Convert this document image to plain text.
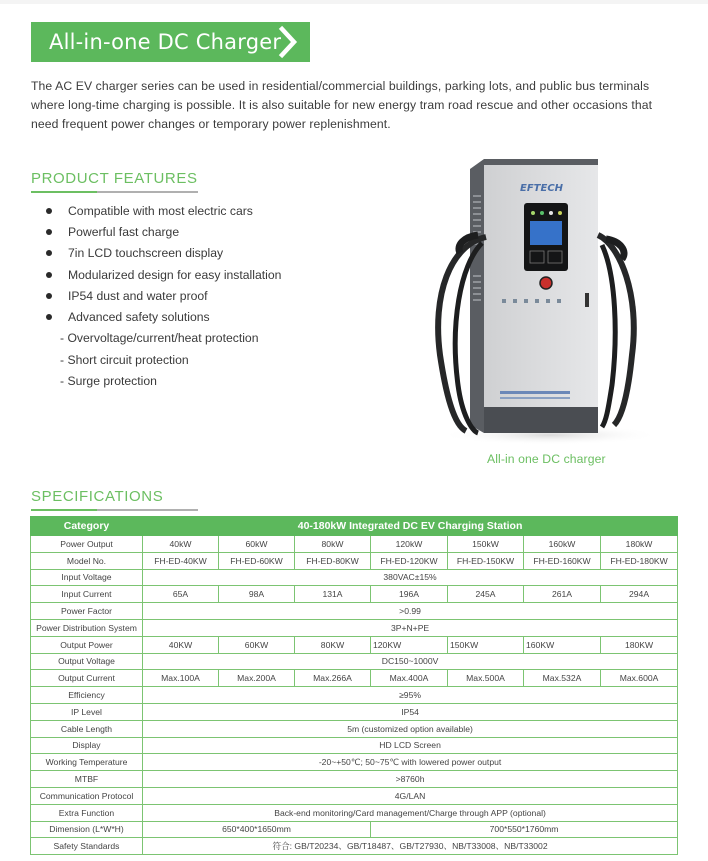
All-in-one DC Charger

The AC EV charger series can be used in residential/commercial buildings, parking lots, and public bus terminals where long-time charging is possible. It is also suitable for new energy tram road rescue and other occasions that need frequent power changes or temporary power replenishment.

PRODUCT FEATURES
Compatible with most electric cars
Powerful fast charge
7in LCD touchscreen display
Modularized design for easy installation
IP54 dust and water proof
Advanced safety solutions
- Overvoltage/current/heat protection
- Short circuit protection
- Surge protection
EFTECH
All-in one DC charger
SPECIFICATIONS
Category	40-180kW Integrated DC EV Charging Station						
Power Output	40kW	60kW	80kW	120kW	150kW	160kW	180kW
Model No.	FH-ED-40KW	FH-ED-60KW	FH-ED-80KW	FH-ED-120KW	FH-ED-150KW	FH-ED-160KW	FH-ED-180KW
Input Voltage	380VAC±15%						
Input Current	65A	98A	131A	196A	245A	261A	294A
Power Factor	>0.99						
Power Distribution System	3P+N+PE						
Output Power	40KW	60KW	80KW	120KW	150KW	160KW	180KW
Output Voltage	DC150~1000V						
Output Current	Max.100A	Max.200A	Max.266A	Max.400A	Max.500A	Max.532A	Max.600A
Efficiency	≥95%						
IP Level	IP54						
Cable Length	5m (customized option available)						
Display	HD LCD Screen						
Working Temperature	-20~+50℃; 50~75℃ with lowered power output						
MTBF	>8760h						
Communication Protocol	4G/LAN						
Extra Function	Back-end monitoring/Card management/Charge through APP (optional)						
Dimension (L*W*H)	650*400*1650mm			700*550*1760mm			
Safety Standards	符合: GB/T20234、GB/T18487、GB/T27930、NB/T33008、NB/T33002						
